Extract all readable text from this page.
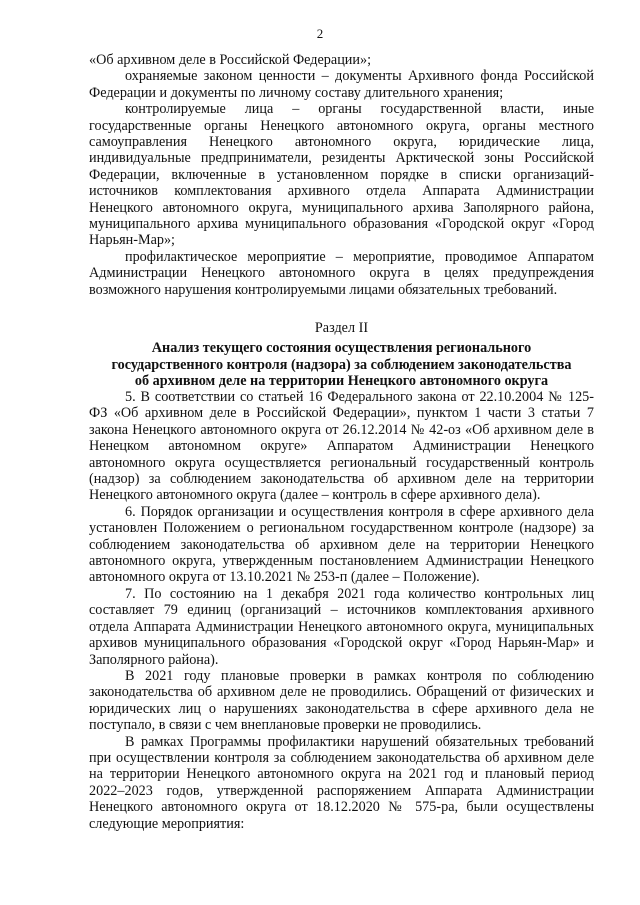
2

«Об архивном деле в Российской Федерации»;

охраняемые законом ценности – документы Архивного фонда Российской Федерации и документы по личному составу длительного хранения;

контролируемые лица – органы государственной власти, иные государственные органы Ненецкого автономного округа, органы местного самоуправления Ненецкого автономного округа, юридические лица, индивидуальные предприниматели, резиденты Арктической зоны Российской Федерации, включенные в установленном порядке в списки организаций-источников комплектования архивного отдела Аппарата Администрации Ненецкого автономного округа, муниципального архива Заполярного района, муниципального архива муниципального образования «Городской округ «Город Нарьян-Мар»;

профилактическое мероприятие – мероприятие, проводимое Аппаратом Администрации Ненецкого автономного округа в целях предупреждения возможного нарушения контролируемыми лицами обязательных требований.

Раздел II

Анализ текущего состояния осуществления регионального

государственного контроля (надзора) за соблюдением законодательства

об архивном деле на территории Ненецкого автономного округа

5. В соответствии со статьей 16 Федерального закона от 22.10.2004 № 125-ФЗ «Об архивном деле в Российской Федерации», пунктом 1 части 3 статьи 7 закона Ненецкого автономного округа от 26.12.2014 № 42-оз «Об архивном деле в Ненецком автономном округе» Аппаратом Администрации Ненецкого автономного округа осуществляется региональный государственный контроль (надзор) за соблюдением законодательства об архивном деле на территории Ненецкого автономного округа (далее – контроль в сфере архивного дела).

6. Порядок организации и осуществления контроля в сфере архивного дела установлен Положением о региональном государственном контроле (надзоре) за соблюдением законодательства об архивном деле на территории Ненецкого автономного округа, утвержденным постановлением Администрации Ненецкого автономного округа от 13.10.2021 № 253-п (далее – Положение).

7. По состоянию на 1 декабря 2021 года количество контрольных лиц составляет 79 единиц (организаций – источников комплектования архивного отдела Аппарата Администрации Ненецкого автономного округа, муниципальных архивов муниципального образования «Городской округ «Город Нарьян-Мар» и Заполярного района).

В 2021 году плановые проверки в рамках контроля по соблюдению законодательства об архивном деле не проводились. Обращений от физических и юридических лиц о нарушениях законодательства в сфере архивного дела не поступало, в связи с чем внеплановые проверки не проводились.

В рамках Программы профилактики нарушений обязательных требований при осуществлении контроля за соблюдением законодательства об архивном деле на территории Ненецкого автономного округа на 2021 год и плановый период 2022–2023 годов, утвержденной распоряжением Аппарата Администрации Ненецкого автономного округа от 18.12.2020 № 575-ра, были осуществлены следующие мероприятия:
